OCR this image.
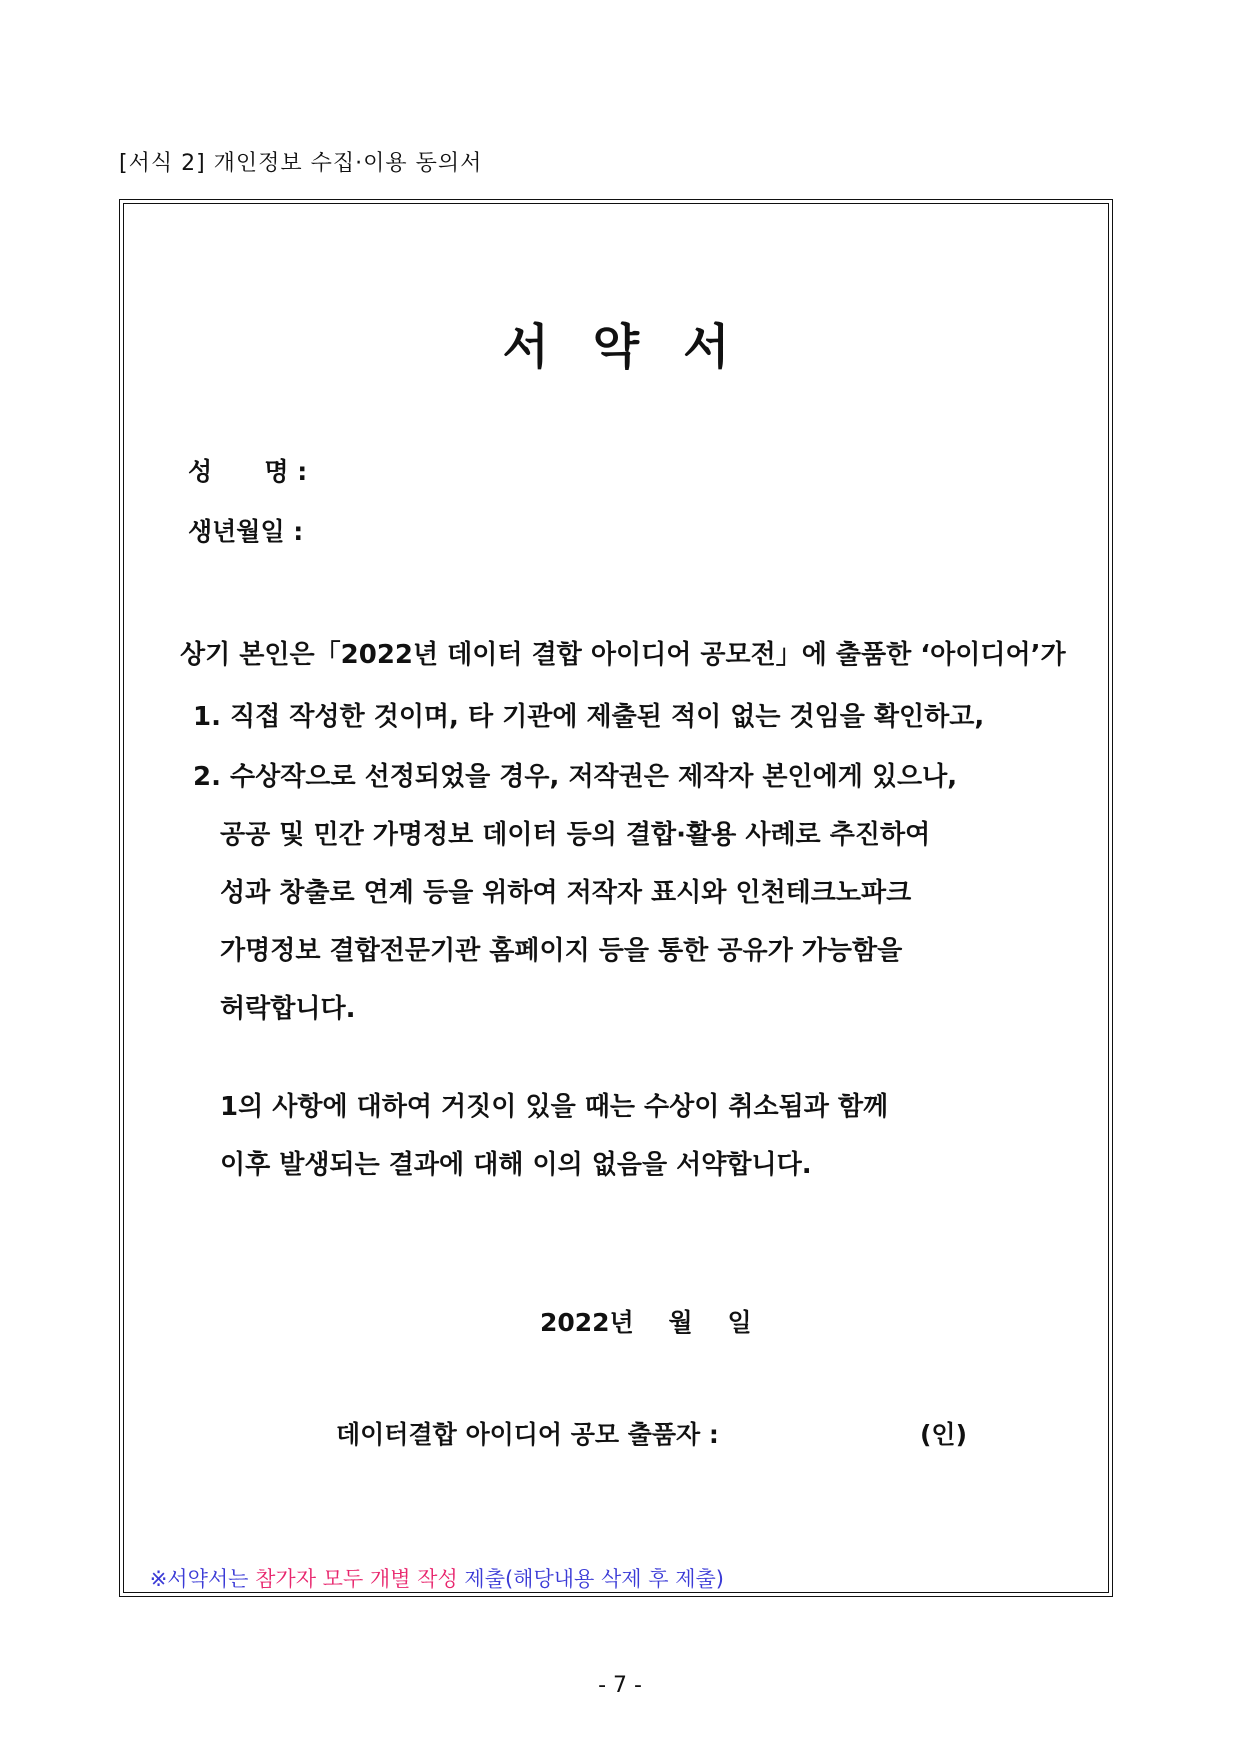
[서식 2] 개인정보 수집·이용 동의서
서약서
성      명 :
생년월일 :
상기 본인은「2022년 데이터 결합 아이디어 공모전」에 출품한 ‘아이디어’가
1. 직접 작성한 것이며, 타 기관에 제출된 적이 없는 것임을 확인하고,
2. 수상작으로 선정되었을 경우, 저작권은 제작자 본인에게 있으나,
공공 및 민간 가명정보 데이터 등의 결합·활용 사례로 추진하여
성과 창출로 연계 등을 위하여 저작자 표시와 인천테크노파크
가명정보 결합전문기관 홈페이지 등을 통한 공유가 가능함을
허락합니다.
1의 사항에 대하여 거짓이 있을 때는 수상이 취소됨과 함께
이후 발생되는 결과에 대해 이의 없음을 서약합니다.
2022년    월    일
데이터결합 아이디어 공모 출품자 :	(인)

※서약서는 참가자 모두 개별 작성 제출(해당내용 삭제 후 제출)

- 7 -
